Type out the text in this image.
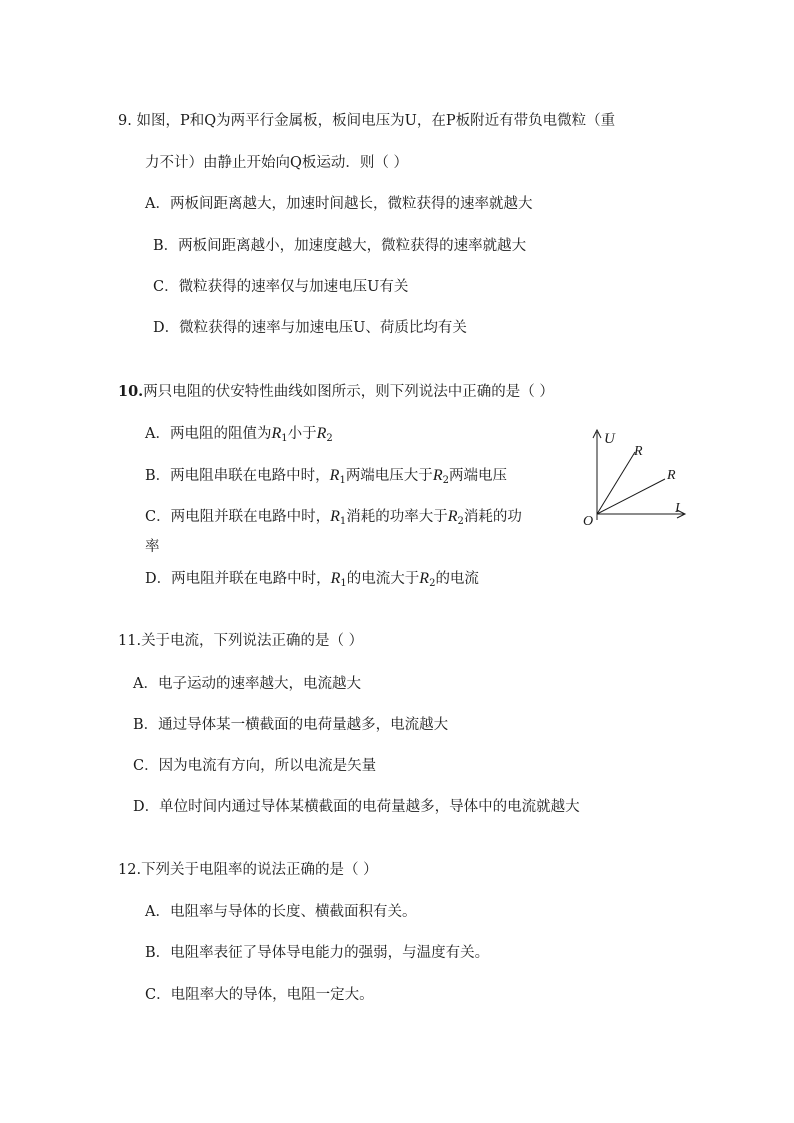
9. 如图，P和Q为两平行金属板，板间电压为U，在P板附近有带负电微粒（重
力不计）由静止开始向Q板运动．则（ ）
A．两板间距离越大，加速时间越长，微粒获得的速率就越大
B．两板间距离越小，加速度越大，微粒获得的速率就越大
C．微粒获得的速率仅与加速电压U有关
D．微粒获得的速率与加速电压U、荷质比均有关
10.两只电阻的伏安特性曲线如图所示，则下列说法中正确的是（ ）
A．两电阻的阻值为$R_1$小于$R_2$
B．两电阻串联在电路中时，$R_1$两端电压大于$R_2$两端电压
C．两电阻并联在电路中时，$R_1$消耗的功率大于$R_2$消耗的功
率
D．两电阻并联在电路中时，$R_1$的电流大于$R_2$的电流
U
R
R
I
O
11.关于电流，下列说法正确的是（ ）
A．电子运动的速率越大，电流越大
B．通过导体某一横截面的电荷量越多，电流越大
C．因为电流有方向，所以电流是矢量
D．单位时间内通过导体某横截面的电荷量越多，导体中的电流就越大
12.下列关于电阻率的说法正确的是（ ）
A．电阻率与导体的长度、横截面积有关。
B．电阻率表征了导体导电能力的强弱，与温度有关。
C．电阻率大的导体，电阻一定大。
